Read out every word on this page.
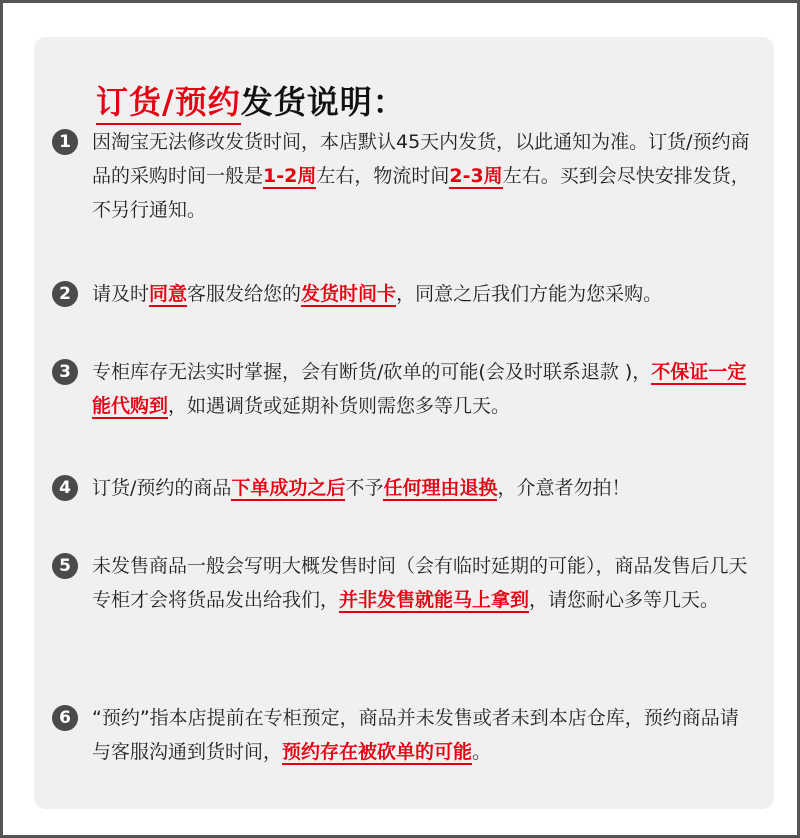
订货/预约发货说明：
1	因淘宝无法修改发货时间，本店默认45天内发货，以此通知为准。订货/预约商品的采购时间一般是1-2周左右，物流时间2-3周左右。买到会尽快安排发货，不另行通知。
2	请及时同意客服发给您的发货时间卡，同意之后我们方能为您采购。
3	专柜库存无法实时掌握，会有断货/砍单的可能(会及时联系退款 )，不保证一定能代购到，如遇调货或延期补货则需您多等几天。
4	订货/预约的商品下单成功之后不予任何理由退换，介意者勿拍！
5	未发售商品一般会写明大概发售时间（会有临时延期的可能），商品发售后几天专柜才会将货品发出给我们，并非发售就能马上拿到，请您耐心多等几天。
6	“预约”指本店提前在专柜预定，商品并未发售或者未到本店仓库，预约商品请与客服沟通到货时间，预约存在被砍单的可能。
